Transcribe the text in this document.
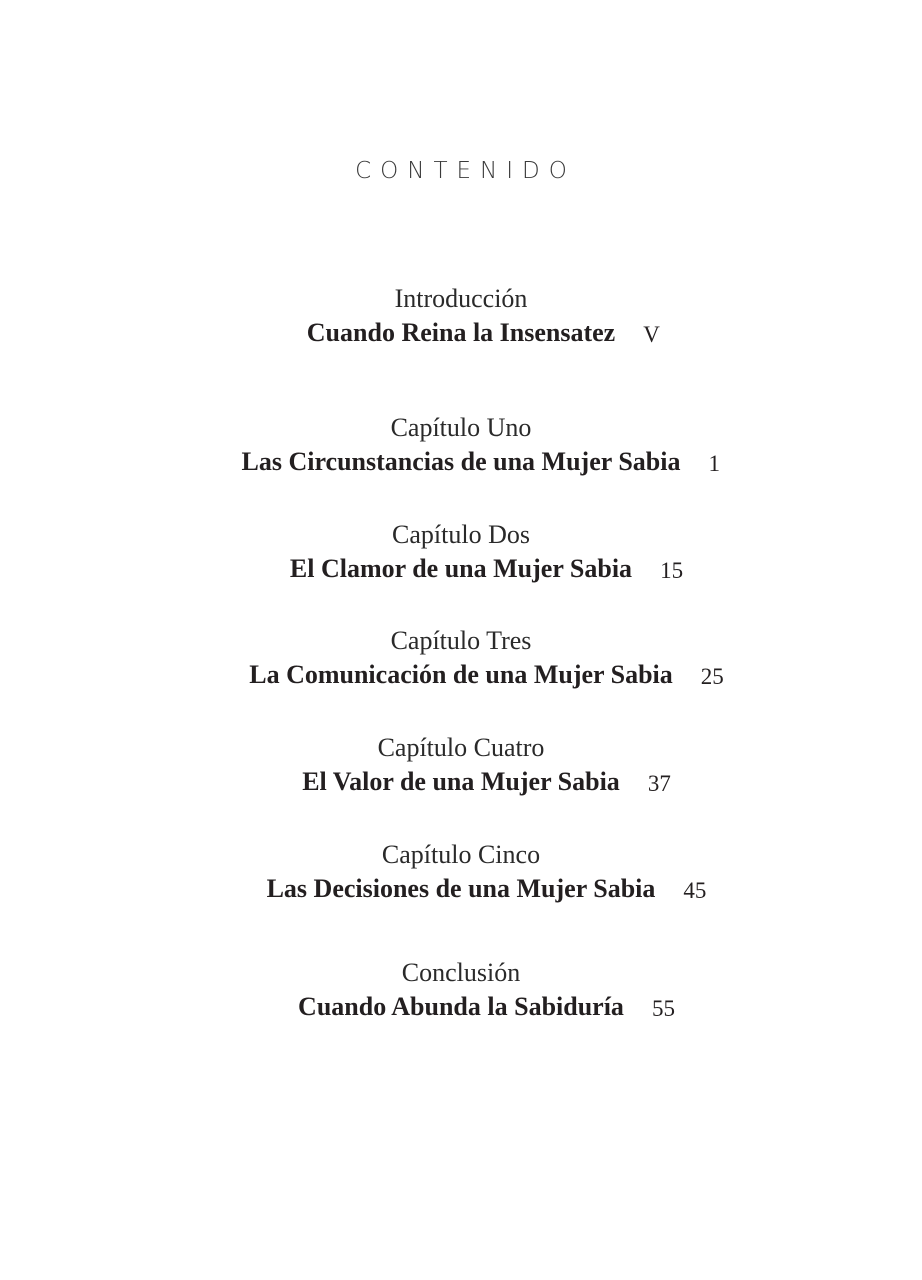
CONTENIDO
Introducción
Cuando Reina la Insensatez V
Capítulo Uno
Las Circunstancias de una Mujer Sabia 1
Capítulo Dos
El Clamor de una Mujer Sabia 15
Capítulo Tres
La Comunicación de una Mujer Sabia 25
Capítulo Cuatro
El Valor de una Mujer Sabia 37
Capítulo Cinco
Las Decisiones de una Mujer Sabia 45
Conclusión
Cuando Abunda la Sabiduría 55
